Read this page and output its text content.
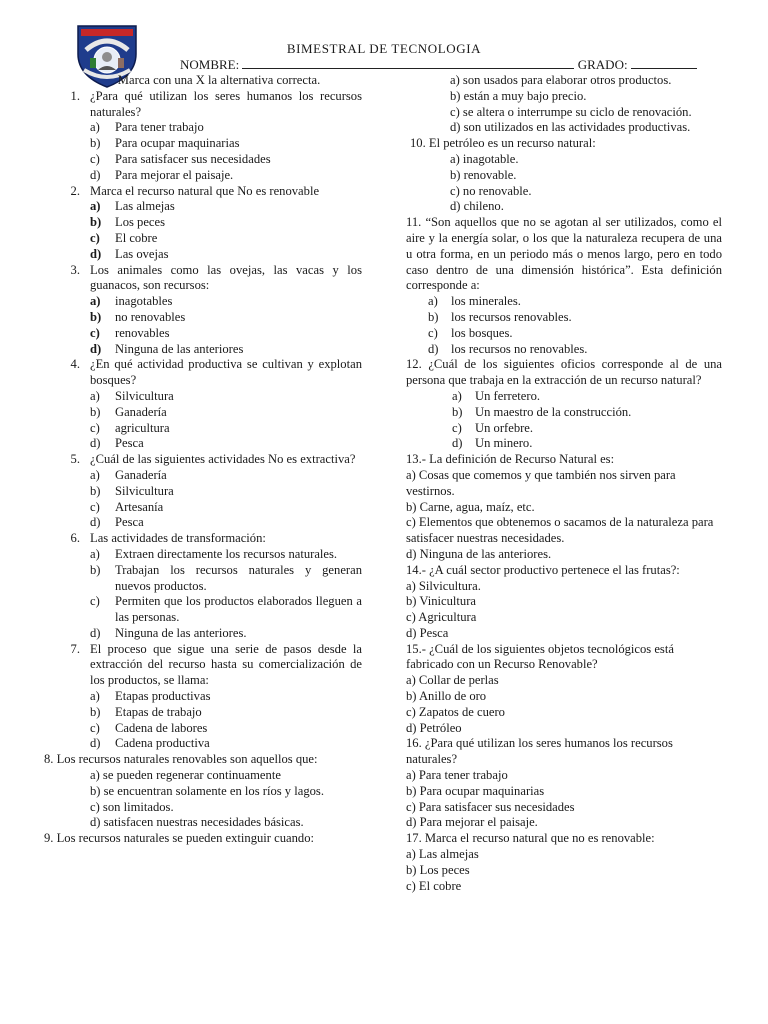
BIMESTRAL DE TECNOLOGIA
NOMBRE:	GRADO:

Marca con una X la alternativa correcta.

1. ¿Para qué utilizan los seres humanos los recursos naturales?
a)	Para tener trabajo
b)	Para ocupar maquinarias
c)	Para satisfacer sus necesidades
d)	Para mejorar el paisaje.
2. Marca el recurso natural que No es renovable
a)	Las almejas
b)	Los peces
c)	El cobre
d)	Las ovejas
3. Los animales como las ovejas, las vacas y los guanacos, son recursos:
a)	inagotables
b)	no renovables
c)	renovables
d)	Ninguna de las anteriores
4. ¿En qué actividad productiva se cultivan y explotan bosques?
a)	Silvicultura
b)	Ganadería
c)	agricultura
d)	Pesca
5. ¿Cuál de las siguientes actividades No es extractiva?
a)	Ganadería
b)	Silvicultura
c)	Artesanía
d)	Pesca
6. Las actividades de transformación:
a)	Extraen directamente los recursos naturales.
b)	Trabajan los recursos naturales y generan nuevos productos.
c)	Permiten que los productos elaborados lleguen a las personas.
d)	Ninguna de las anteriores.
7. El proceso que sigue una serie de pasos desde la extracción del recurso hasta su comercialización de los productos, se llama:
a)	Etapas productivas
b)	Etapas de trabajo
c)	Cadena de labores
d)	Cadena productiva

8. Los recursos naturales renovables son aquellos que:

a) se pueden regenerar continuamente

b) se encuentran solamente en los ríos y lagos.

c) son limitados.

d) satisfacen nuestras necesidades básicas.

9. Los recursos naturales se pueden extinguir cuando:

a) son usados para elaborar otros productos.

b) están a muy bajo precio.

c) se altera o interrumpe su ciclo de renovación.

d) son utilizados en las actividades productivas.

10. El petróleo es un recurso natural:

a) inagotable.

b) renovable.

c) no renovable.

d) chileno.

11. “Son aquellos que no se agotan al ser utilizados, como el aire y la energía solar, o los que la naturaleza recupera de una u otra forma, en un periodo más o menos largo, pero en todo caso dentro de una dimensión histórica”. Esta definición corresponde a:

a)	los minerales.
b) los recursos renovables.
c)	los bosques.
d) los recursos no renovables.

12. ¿Cuál de los siguientes oficios corresponde al de una persona que trabaja en la extracción de un recurso natural?

a)	Un ferretero.
b) Un maestro de la construcción.
c)	Un orfebre.
d) Un minero.

13.- La definición de Recurso Natural es:

a) Cosas que comemos y que también nos sirven para vestirnos.

b) Carne, agua, maíz, etc.

c) Elementos que obtenemos o sacamos de la naturaleza para satisfacer nuestras necesidades.

d) Ninguna de las anteriores.

14.- ¿A cuál sector productivo pertenece el las frutas?:

a) Silvicultura.

b) Vinicultura

c) Agricultura

d) Pesca

15.- ¿Cuál de los siguientes objetos tecnológicos está fabricado con un Recurso Renovable?

a) Collar de perlas

b) Anillo de oro

c) Zapatos de cuero

d) Petróleo

16. ¿Para qué utilizan los seres humanos los recursos naturales?

a) Para tener trabajo

b) Para ocupar maquinarias

c) Para satisfacer sus necesidades

d) Para mejorar el paisaje.

17. Marca el recurso natural que no es renovable:

a) Las almejas

b) Los peces

c) El cobre
